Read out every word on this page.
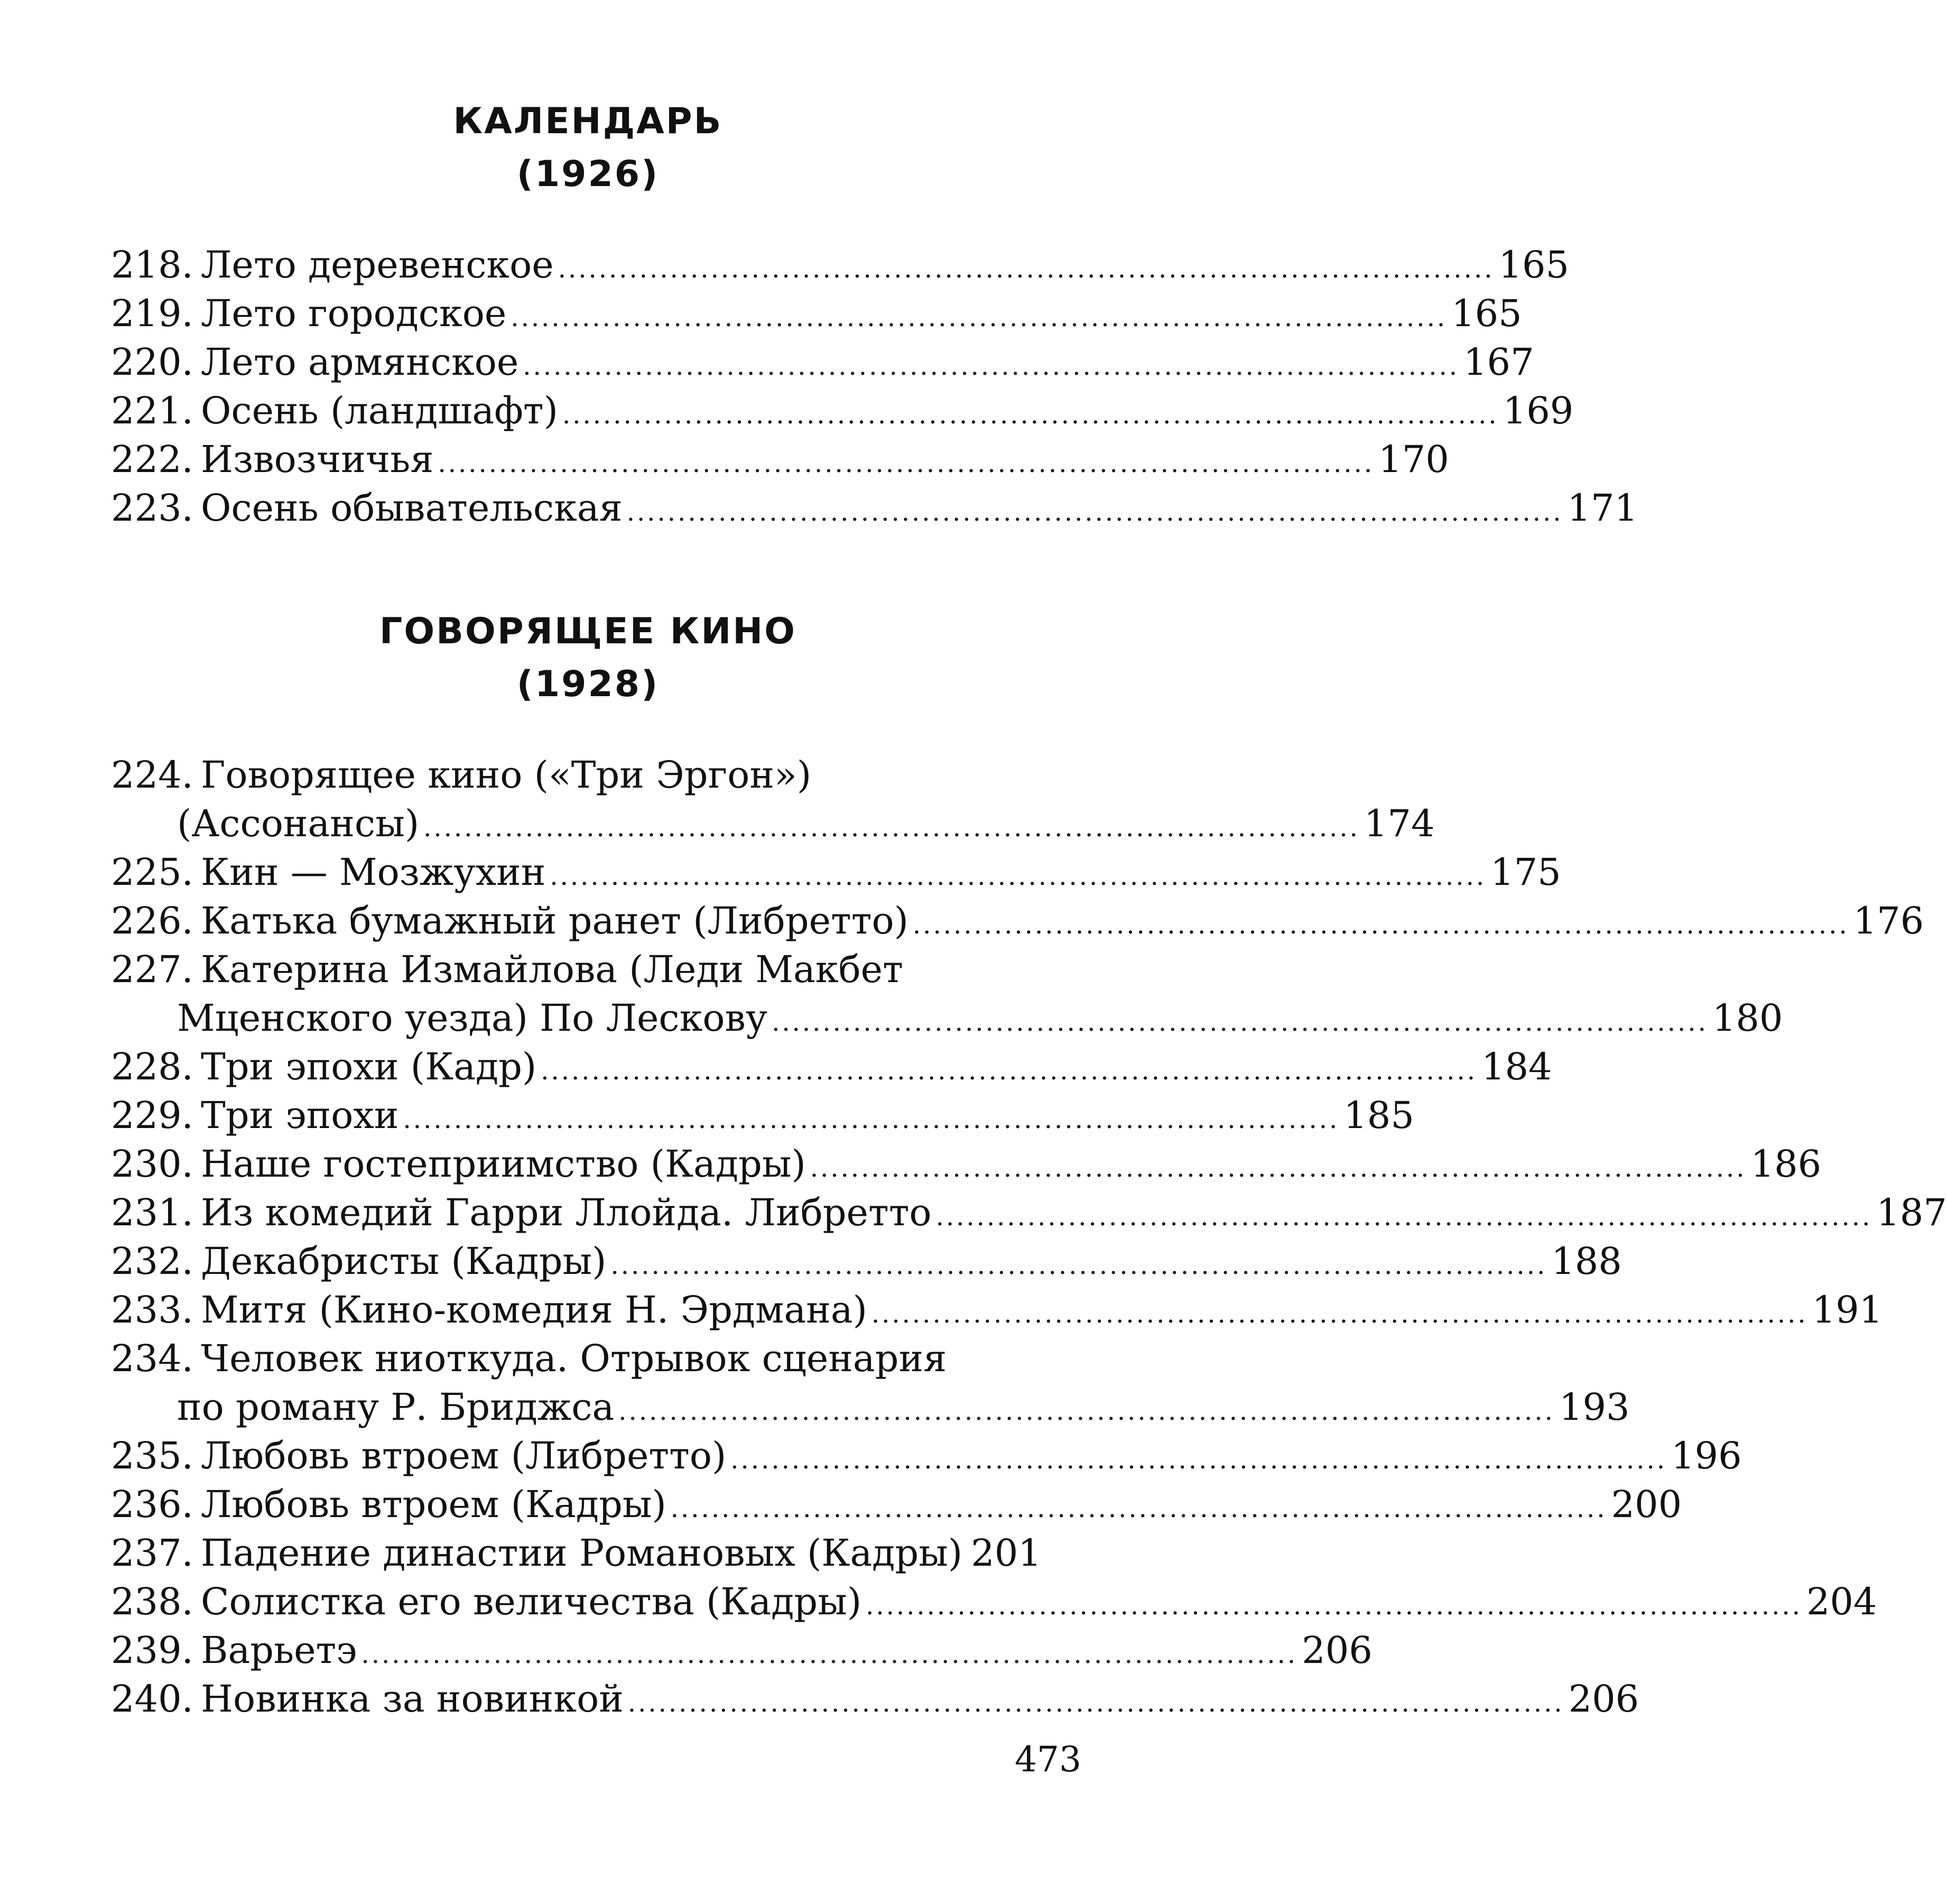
КАЛЕНДАРЬ
(1926)
218. Лето деревенское ............................................................................................ 165
219. Лето городское ............................................................................................ 165
220. Лето армянское ............................................................................................ 167
221. Осень (ландшафт) ............................................................................................ 169
222. Извозчичья ............................................................................................ 170
223. Осень обывательская ............................................................................................ 171
ГОВОРЯЩЕЕ КИНО
(1928)
224. Говорящее кино («Три Эргон»)
(Ассонансы) ............................................................................................ 174
225. Кин — Мозжухин ............................................................................................ 175
226. Катька бумажный ранет (Либретто) ............................................................................................ 176
227. Катерина Измайлова (Леди Макбет
Мценского уезда) По Лескову ............................................................................................ 180
228. Три эпохи (Кадр) ............................................................................................ 184
229. Три эпохи ............................................................................................ 185
230. Наше гостеприимство (Кадры) ............................................................................................ 186
231. Из комедий Гарри Ллойда. Либретто ............................................................................................ 187
232. Декабристы (Кадры) ............................................................................................ 188
233. Митя (Кино-комедия Н. Эрдмана) ............................................................................................ 191
234. Человек ниоткуда. Отрывок сценария
по роману Р. Бриджса ............................................................................................ 193
235. Любовь втроем (Либретто) ............................................................................................ 196
236. Любовь втроем (Кадры) ............................................................................................ 200
237. Падение династии Романовых (Кадры) 201
238. Солистка его величества (Кадры) ............................................................................................ 204
239. Варьетэ ............................................................................................ 206
240. Новинка за новинкой ............................................................................................ 206
473
